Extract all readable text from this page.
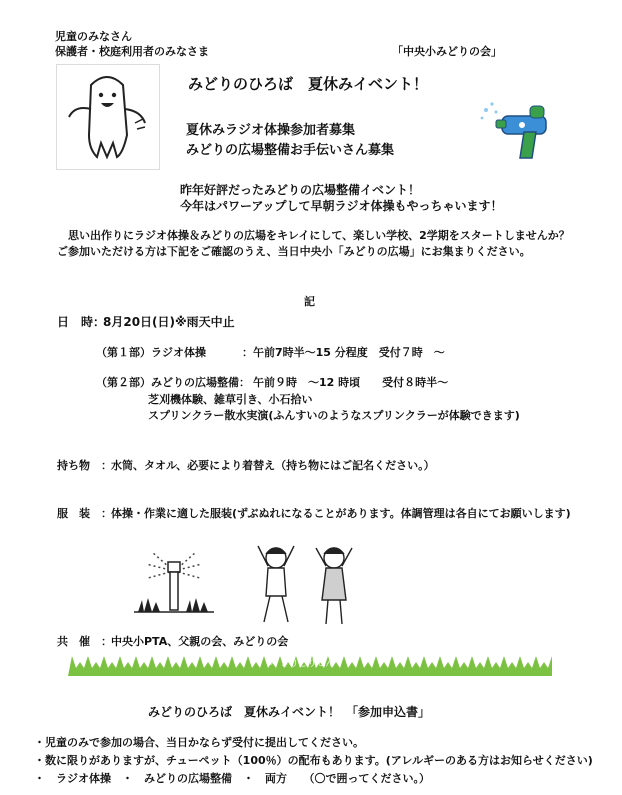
児童のみなさん
保護者・校庭利用者のみなさま	「中央小みどりの会」
みどりのひろば　夏休みイベント！
夏休みラジオ体操参加者募集
みどりの広場整備お手伝いさん募集
昨年好評だったみどりの広場整備イベント！
今年はパワーアップして早朝ラジオ体操もやっちゃいます！
　思い出作りにラジオ体操＆みどりの広場をキレイにして、楽しい学校、2学期をスタートしませんか？
ご参加いただける方は下記をご確認のうえ、当日中央小「みどりの広場」にお集まりください。
記
日　時：
8月20日(日)※雨天中止
（第１部）ラジオ体操	：午前7時半～15 分程度　受付７時　～
（第２部）みどりの広場整備： 午前９時　～12 時頃　　受付８時半～
芝刈機体験、雑草引き、小石拾い
スプリンクラー散水実演(ふんすいのようなスプリンクラーが体験できます)
持ち物　： 水筒、タオル、必要により着替え（持ち物にはご記名ください。）
服　装　： 体操・作業に適した服装(ずぶぬれになることがあります。体調管理は各自にてお願いします)
共　催　： 中央小PTA、父親の会、みどりの会
✂ きりとりせん
みどりのひろば　夏休みイベント！　「参加申込書」
・児童のみで参加の場合、当日かならず受付に提出してください。
・数に限りがありますが、チューペット（100％）の配布もあります。(アレルギーのある方はお知らせください)
・　ラジオ体操　・　みどりの広場整備　・　両方　　（〇で囲ってください。）
